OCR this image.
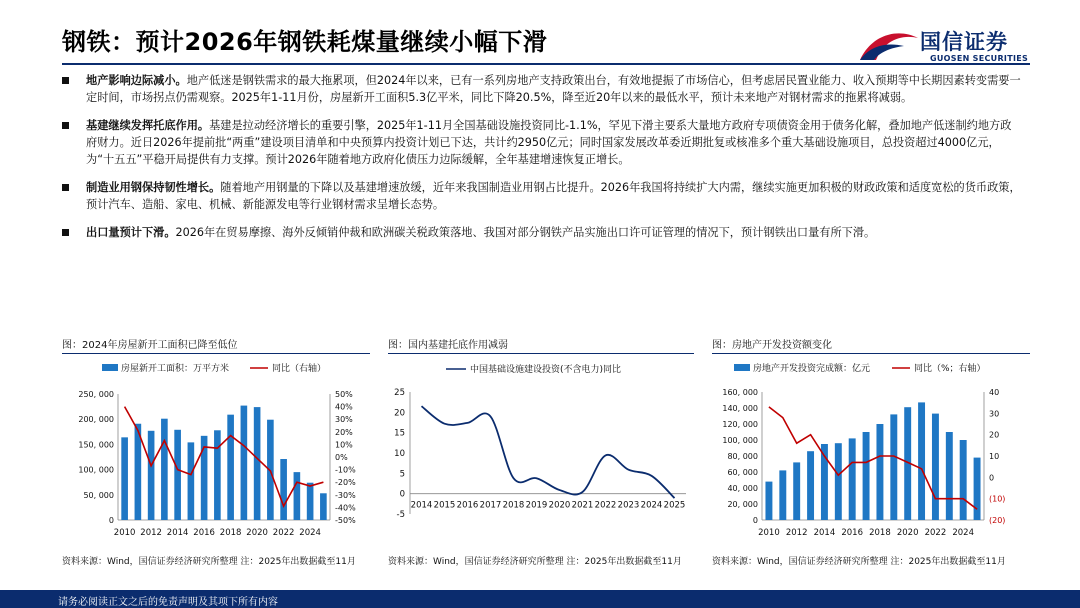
钢铁：预计2026年钢铁耗煤量继续小幅下滑	国信证券
GUOSEN SECURITIES
地产影响边际减小。地产低迷是钢铁需求的最大拖累项，但2024年以来，已有一系列房地产支持政策出台，有效地提振了市场信心，但考虑居民置业能力、收入预期等中长期因素转变需要一定时间，市场拐点仍需观察。2025年1-11月份，房屋新开工面积5.3亿平米，同比下降20.5%，降至近20年以来的最低水平，预计未来地产对钢材需求的拖累将减弱。
基建继续发挥托底作用。基建是拉动经济增长的重要引擎，2025年1-11月全国基础设施投资同比-1.1%，罕见下滑主要系大量地方政府专项债资金用于债务化解，叠加地产低迷制约地方政府财力。近日2026年提前批“两重”建设项目清单和中央预算内投资计划已下达，共计约2950亿元；同时国家发展改革委近期批复或核准多个重大基础设施项目，总投资超过4000亿元，为“十五五”平稳开局提供有力支撑。预计2026年随着地方政府化债压力边际缓解，全年基建增速恢复正增长。
制造业用钢保持韧性增长。随着地产用钢量的下降以及基建增速放缓，近年来我国制造业用钢占比提升。2026年我国将持续扩大内需，继续实施更加积极的财政政策和适度宽松的货币政策，预计汽车、造船、家电、机械、新能源发电等行业钢材需求呈增长态势。
出口量预计下滑。2026年在贸易摩擦、海外反倾销仲裁和欧洲碳关税政策落地、我国对部分钢铁产品实施出口许可证管理的情况下，预计钢铁出口量有所下滑。
图：2024年房屋新开工面积已降至低位
房屋新开工面积：万平方米	同比（右轴）
0
50, 000
100, 000
150, 000
200, 000
250, 000
-50%
-40%
-30%
-20%
-10%
0%
10%
20%
30%
40%
50%
2010 2012 2014 2016 2018 2020 2022 2024
资料来源：Wind，国信证券经济研究所整理 注：2025年出数据截至11月
图：国内基建托底作用减弱
中国基础设施建设投资(不含电力)同比
-5
0
5
10
15
20
25
2014 2015 2016 2017 2018 2019 2020 2021 2022 2023 2024 2025
资料来源：Wind，国信证券经济研究所整理 注：2025年出数据截至11月
图：房地产开发投资额变化
房地产开发投资完成额：亿元	同比（%；右轴）
0
20, 000
40, 000
60, 000
80, 000
100, 000
120, 000
140, 000
160, 000
(20)
(10)
0
10
20
30
40
2010 2012 2014 2016 2018 2020 2022 2024
资料来源：Wind，国信证券经济研究所整理 注：2025年出数据截至11月
请务必阅读正文之后的免责声明及其项下所有内容
